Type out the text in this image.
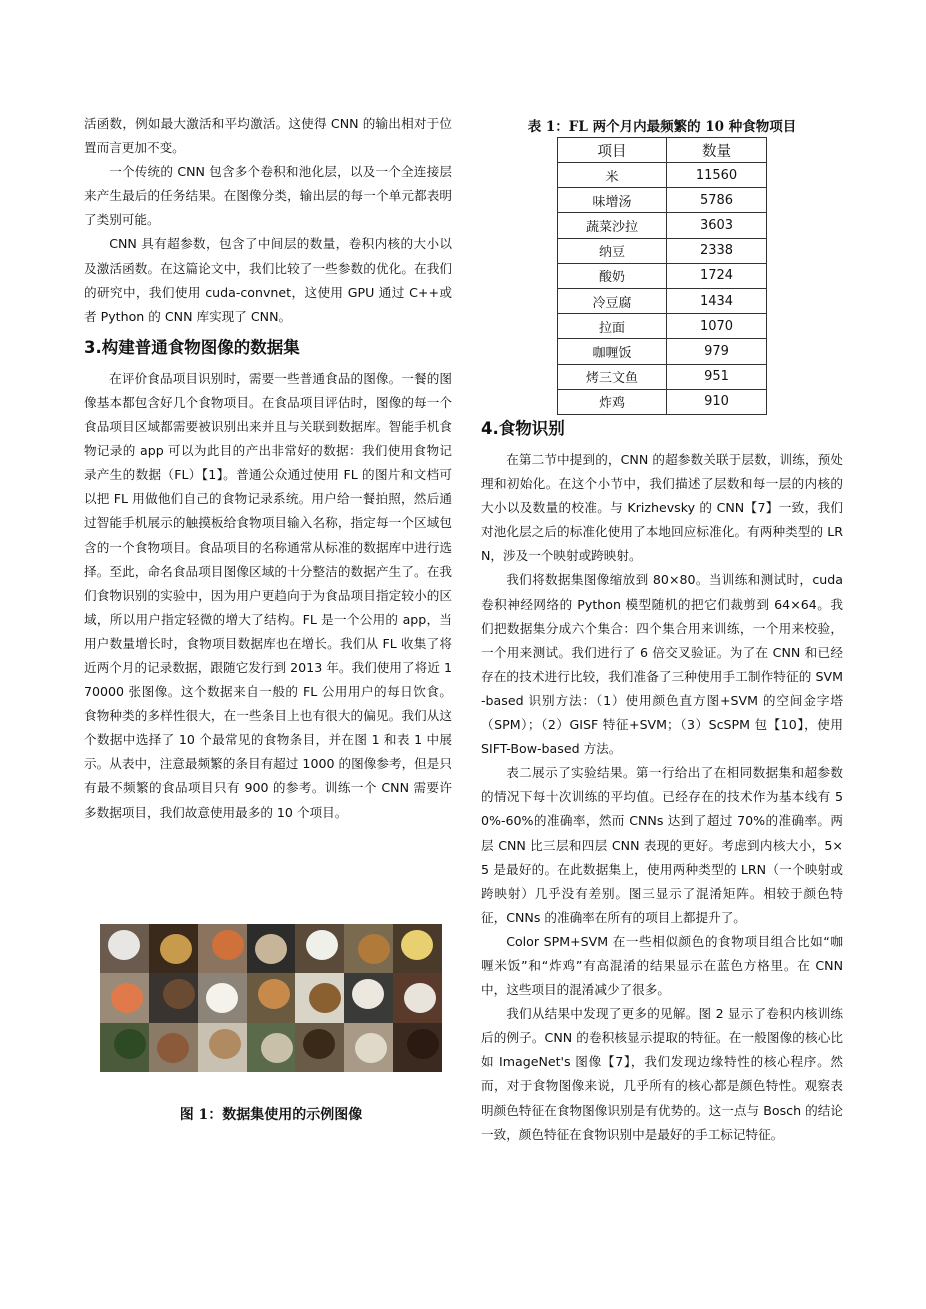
活函数，例如最大激活和平均激活。这使得 CNN 的输出相对于位置而言更加不变。

一个传统的 CNN 包含多个卷积和池化层，以及一个全连接层来产生最后的任务结果。在图像分类，输出层的每一个单元都表明了类别可能。

CNN 具有超参数，包含了中间层的数量，卷积内核的大小以及激活函数。在这篇论文中，我们比较了一些参数的优化。在我们的研究中，我们使用 cuda-convnet，这使用 GPU 通过 C++或者 Python 的 CNN 库实现了 CNN。

3.构建普通食物图像的数据集

在评价食品项目识别时，需要一些普通食品的图像。一餐的图像基本都包含好几个食物项目。在食品项目评估时，图像的每一个食品项目区域都需要被识别出来并且与关联到数据库。智能手机食物记录的 app 可以为此目的产出非常好的数据：我们使用食物记录产生的数据（FL）【1】。普通公众通过使用 FL 的图片和文档可以把 FL 用做他们自己的食物记录系统。用户给一餐拍照，然后通过智能手机展示的触摸板给食物项目输入名称，指定每一个区域包含的一个食物项目。食品项目的名称通常从标准的数据库中进行选择。至此，命名食品项目图像区域的十分整洁的数据产生了。在我们食物识别的实验中，因为用户更趋向于为食品项目指定较小的区域，所以用户指定轻微的增大了结构。FL 是一个公用的 app，当用户数量增长时，食物项目数据库也在增长。我们从 FL 收集了将近两个月的记录数据，跟随它发行到 2013 年。我们使用了将近 170000 张图像。这个数据来自一般的 FL 公用用户的每日饮食。食物种类的多样性很大，在一些条目上也有很大的偏见。我们从这个数据中选择了 10 个最常见的食物条目，并在图 1 和表 1 中展示。从表中，注意最频繁的条目有超过 1000 的图像参考，但是只有最不频繁的食品项目只有 900 的参考。训练一个 CNN 需要许多数据项目，我们故意使用最多的 10 个项目。

图 1：数据集使用的示例图像
表 1：FL 两个月内最频繁的 10 种食物项目
项目	数量
米	11560
味增汤	5786
蔬菜沙拉	3603
纳豆	2338
酸奶	1724
冷豆腐	1434
拉面	1070
咖喱饭	979
烤三文鱼	951
炸鸡	910
4.食物识别

在第二节中提到的，CNN 的超参数关联于层数，训练，预处理和初始化。在这个小节中，我们描述了层数和每一层的内核的大小以及数量的校准。与 Krizhevsky 的 CNN【7】一致，我们对池化层之后的标准化使用了本地回应标准化。有两种类型的 LRN，涉及一个映射或跨映射。

我们将数据集图像缩放到 80×80。当训练和测试时，cuda 卷积神经网络的 Python 模型随机的把它们裁剪到 64×64。我们把数据集分成六个集合：四个集合用来训练，一个用来校验，一个用来测试。我们进行了 6 倍交叉验证。为了在 CNN 和已经存在的技术进行比较，我们准备了三种使用手工制作特征的 SVM-based 识别方法：（1）使用颜色直方图+SVM 的空间金字塔（SPM）；（2）GISF 特征+SVM；（3）ScSPM 包【10】，使用 SIFT-Bow-based 方法。

表二展示了实验结果。第一行给出了在相同数据集和超参数的情况下每十次训练的平均值。已经存在的技术作为基本线有 50%-60%的准确率，然而 CNNs 达到了超过 70%的准确率。两层 CNN 比三层和四层 CNN 表现的更好。考虑到内核大小，5×5 是最好的。在此数据集上，使用两种类型的 LRN（一个映射或跨映射）几乎没有差别。图三显示了混淆矩阵。相较于颜色特征，CNNs 的准确率在所有的项目上都提升了。

Color SPM+SVM 在一些相似颜色的食物项目组合比如“咖喱米饭”和“炸鸡”有高混淆的结果显示在蓝色方格里。在 CNN 中，这些项目的混淆减少了很多。

我们从结果中发现了更多的见解。图 2 显示了卷积内核训练后的例子。CNN 的卷积核显示提取的特征。在一般图像的核心比如 ImageNet's 图像【7】，我们发现边缘特性的核心程序。然而，对于食物图像来说，几乎所有的核心都是颜色特性。观察表明颜色特征在食物图像识别是有优势的。这一点与 Bosch 的结论一致，颜色特征在食物识别中是最好的手工标记特征。
